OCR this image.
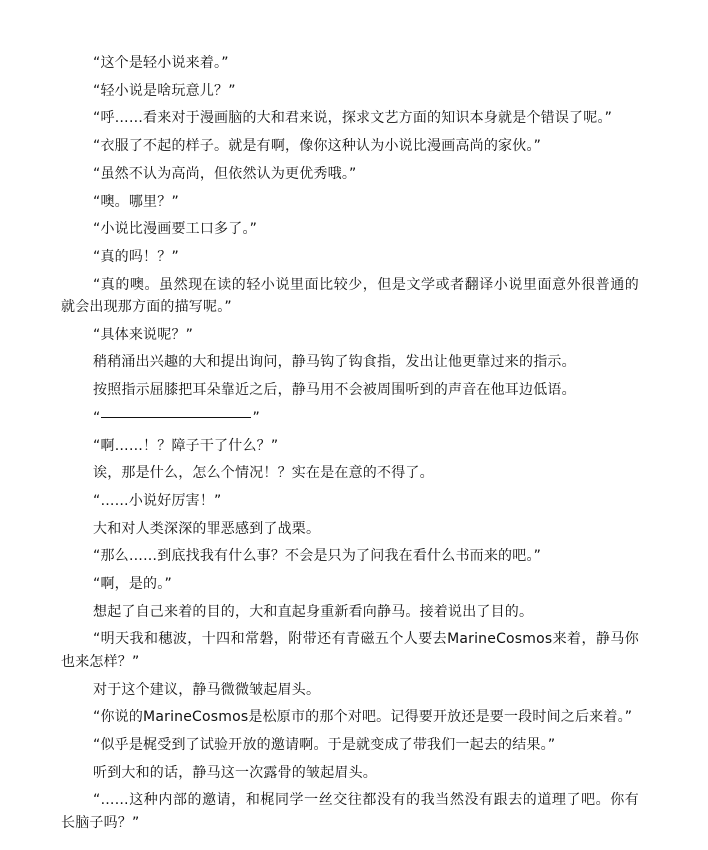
“这个是轻小说来着。”

“轻小说是啥玩意儿？”

“呼……看来对于漫画脑的大和君来说，探求文艺方面的知识本身就是个错误了呢。”

“衣服了不起的样子。就是有啊，像你这种认为小说比漫画高尚的家伙。”

“虽然不认为高尚，但依然认为更优秀哦。”

“噢。哪里？”

“小说比漫画要工口多了。”

“真的吗！？”

“真的噢。虽然现在读的轻小说里面比较少，但是文学或者翻译小说里面意外很普通的就会出现那方面的描写呢。”

“具体来说呢？”

稍稍涌出兴趣的大和提出询问，静马钩了钩食指，发出让他更靠过来的指示。

按照指示屈膝把耳朵靠近之后，静马用不会被周围听到的声音在他耳边低语。

“	”

“啊……！？障子干了什么？”

诶，那是什么，怎么个情况！？实在是在意的不得了。

“……小说好厉害！”

大和对人类深深的罪恶感到了战栗。

“那么……到底找我有什么事？不会是只为了问我在看什么书而来的吧。”

“啊，是的。”

想起了自己来着的目的，大和直起身重新看向静马。接着说出了目的。

“明天我和穗波，十四和常磐，附带还有青磁五个人要去MarineCosmos来着，静马你也来怎样？”

对于这个建议，静马微微皱起眉头。

“你说的MarineCosmos是松原市的那个对吧。记得要开放还是要一段时间之后来着。”

“似乎是梶受到了试验开放的邀请啊。于是就变成了带我们一起去的结果。”

听到大和的话，静马这一次露骨的皱起眉头。

“……这种内部的邀请，和梶同学一丝交往都没有的我当然没有跟去的道理了吧。你有长脑子吗？”
